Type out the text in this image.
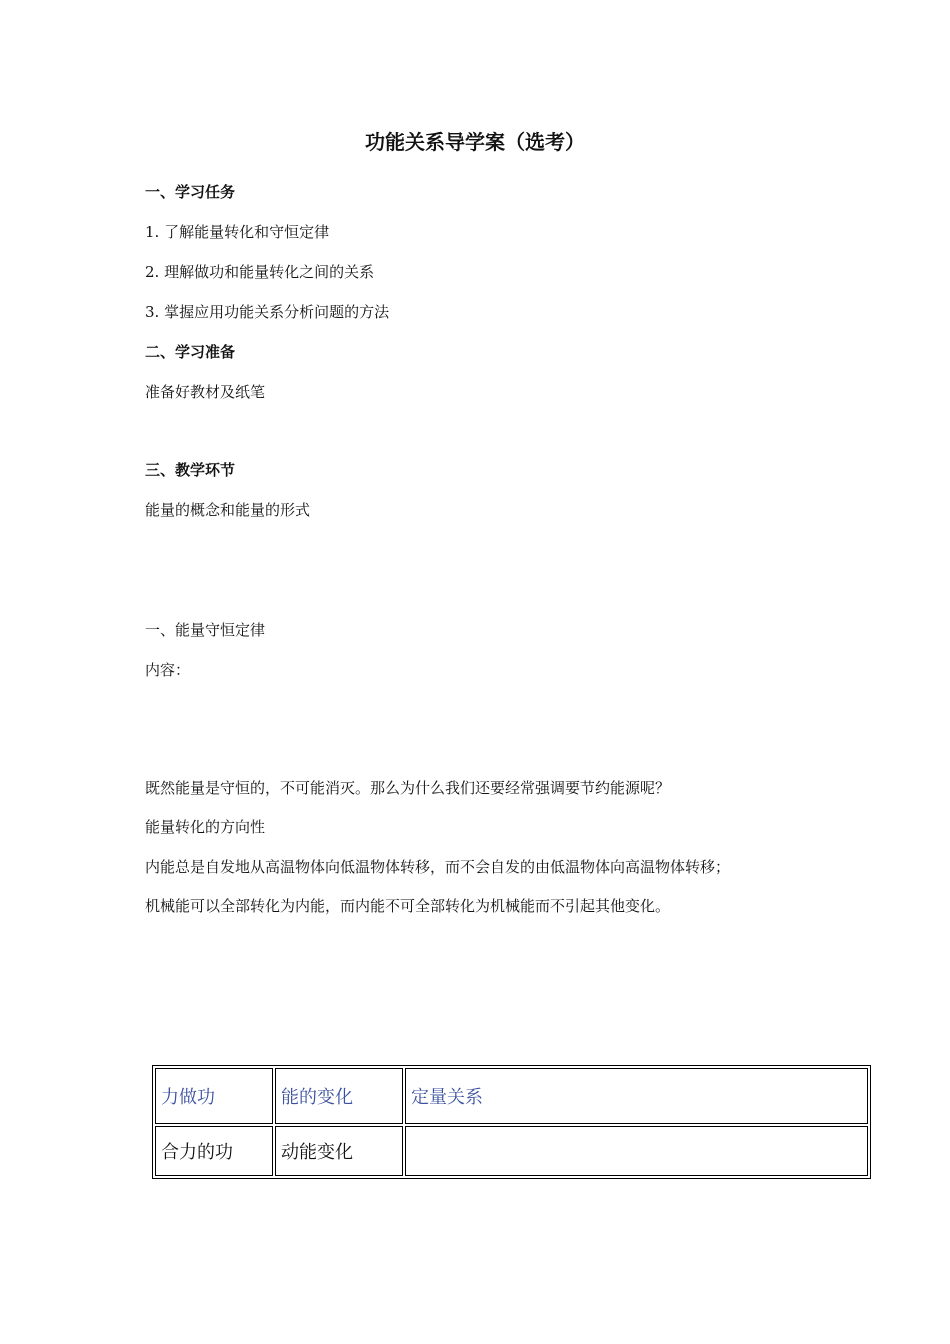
功能关系导学案（选考）
一、学习任务
1. 了解能量转化和守恒定律
2. 理解做功和能量转化之间的关系
3. 掌握应用功能关系分析问题的方法
二、学习准备
准备好教材及纸笔
三、教学环节
能量的概念和能量的形式
一、能量守恒定律
内容：
既然能量是守恒的，不可能消灭。那么为什么我们还要经常强调要节约能源呢？
能量转化的方向性
内能总是自发地从高温物体向低温物体转移，而不会自发的由低温物体向高温物体转移；
机械能可以全部转化为内能，而内能不可全部转化为机械能而不引起其他变化。
力做功	能的变化	定量关系
合力的功	动能变化	
